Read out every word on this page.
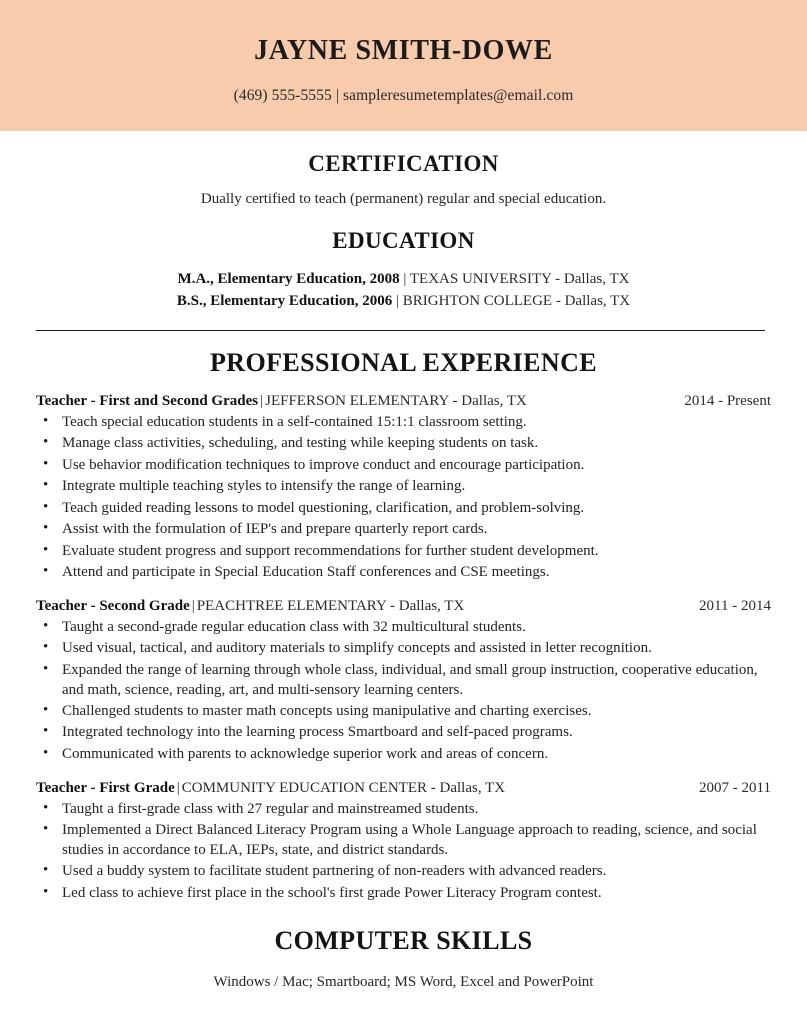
JAYNE SMITH-DOWE
(469) 555-5555 | sampleresumetemplates@email.com
CERTIFICATION
Dually certified to teach (permanent) regular and special education.
EDUCATION
M.A., Elementary Education, 2008 | TEXAS UNIVERSITY - Dallas, TX
B.S., Elementary Education, 2006 | BRIGHTON COLLEGE - Dallas, TX
PROFESSIONAL EXPERIENCE
Teacher - First and Second Grades | JEFFERSON ELEMENTARY - Dallas, TX	2014 - Present
• Teach special education students in a self-contained 15:1:1 classroom setting.
• Manage class activities, scheduling, and testing while keeping students on task.
• Use behavior modification techniques to improve conduct and encourage participation.
• Integrate multiple teaching styles to intensify the range of learning.
• Teach guided reading lessons to model questioning, clarification, and problem-solving.
• Assist with the formulation of IEP's and prepare quarterly report cards.
• Evaluate student progress and support recommendations for further student development.
• Attend and participate in Special Education Staff conferences and CSE meetings.
Teacher - Second Grade | PEACHTREE ELEMENTARY - Dallas, TX	2011 - 2014
• Taught a second-grade regular education class with 32 multicultural students.
• Used visual, tactical, and auditory materials to simplify concepts and assisted in letter recognition.
• Expanded the range of learning through whole class, individual, and small group instruction, cooperative education, and math, science, reading, art, and multi-sensory learning centers.
• Challenged students to master math concepts using manipulative and charting exercises.
• Integrated technology into the learning process Smartboard and self-paced programs.
• Communicated with parents to acknowledge superior work and areas of concern.
Teacher - First Grade | COMMUNITY EDUCATION CENTER - Dallas, TX	2007 - 2011
• Taught a first-grade class with 27 regular and mainstreamed students.
• Implemented a Direct Balanced Literacy Program using a Whole Language approach to reading, science, and social studies in accordance to ELA, IEPs, state, and district standards.
• Used a buddy system to facilitate student partnering of non-readers with advanced readers.
• Led class to achieve first place in the school's first grade Power Literacy Program contest.
COMPUTER SKILLS
Windows / Mac; Smartboard; MS Word, Excel and PowerPoint
